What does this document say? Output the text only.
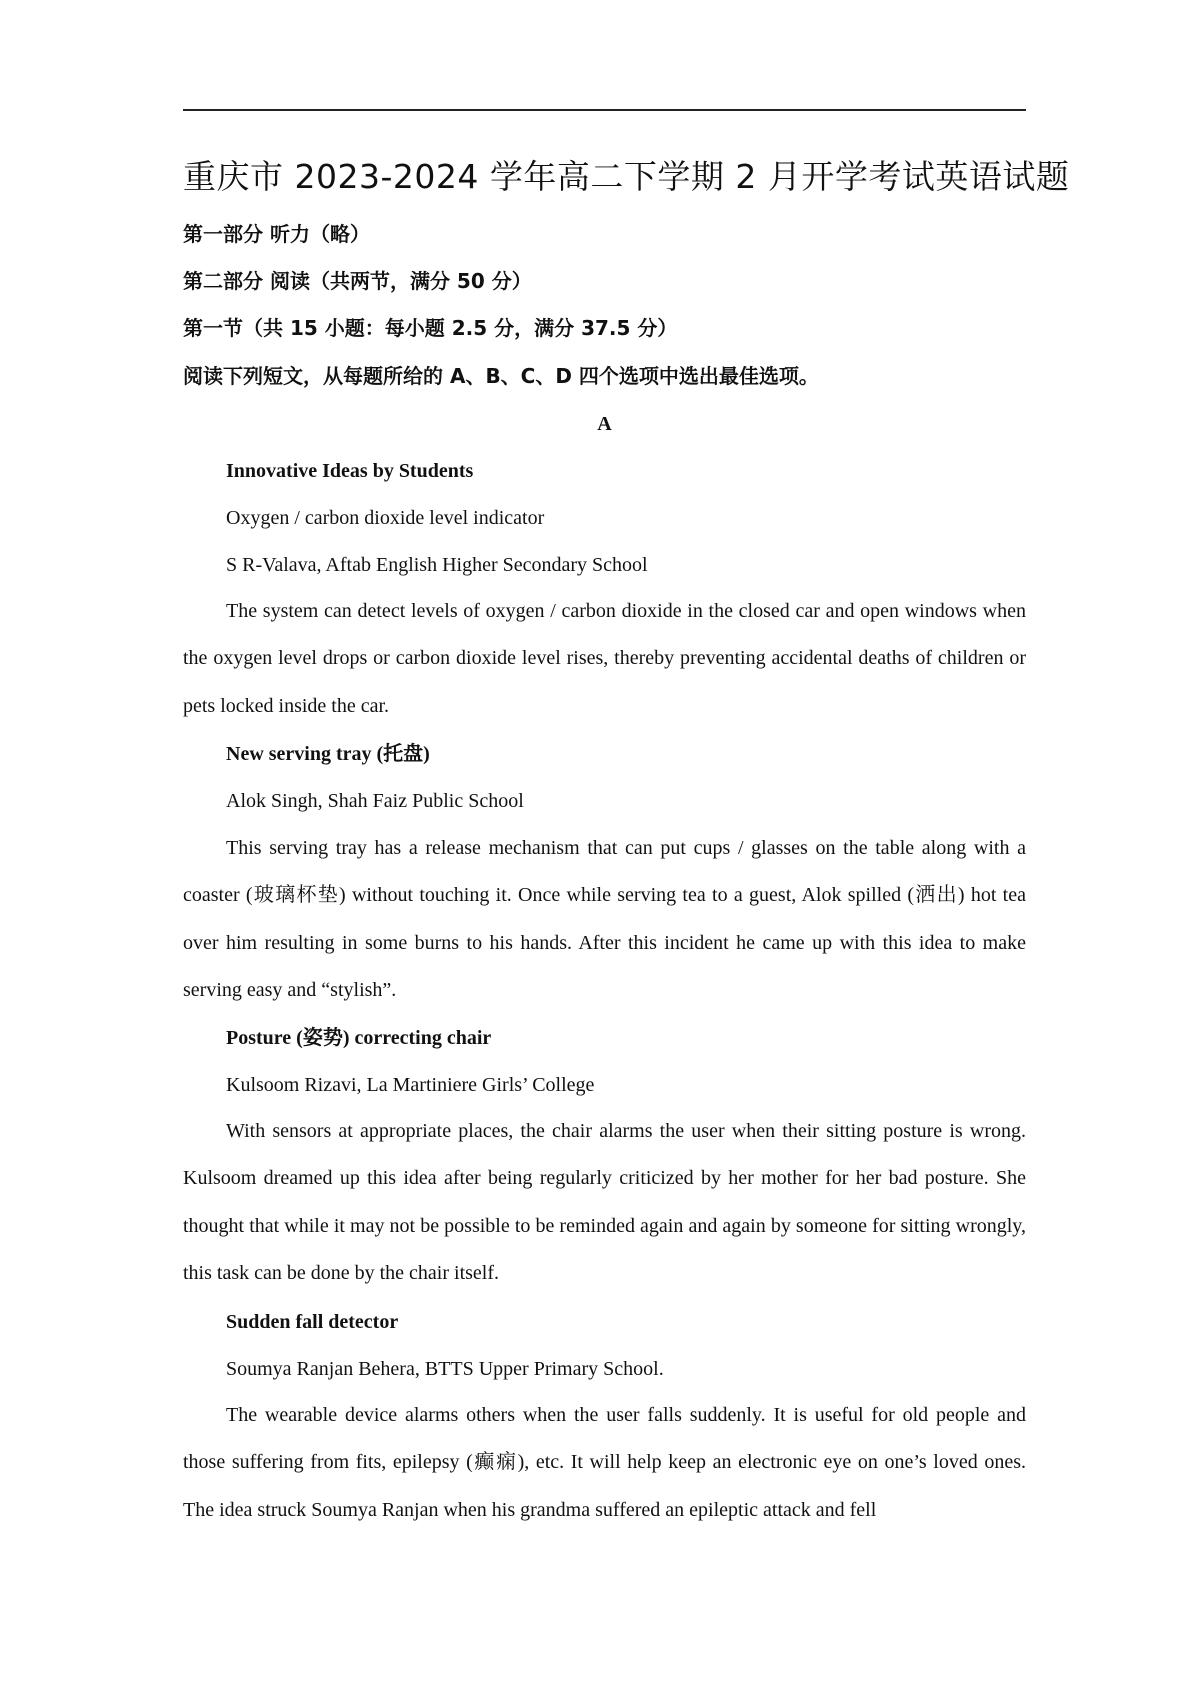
重庆市 2023-2024 学年高二下学期 2 月开学考试英语试题
第一部分 听力（略）
第二部分 阅读（共两节，满分 50 分）
第一节（共 15 小题：每小题 2.5 分，满分 37.5 分）
阅读下列短文，从每题所给的 A、B、C、D 四个选项中选出最佳选项。
A
Innovative Ideas by Students
Oxygen / carbon dioxide level indicator
S R-Valava, Aftab English Higher Secondary School

The system can detect levels of oxygen / carbon dioxide in the closed car and open windows when the oxygen level drops or carbon dioxide level rises, thereby preventing accidental deaths of children or pets locked inside the car.

New serving tray (托盘)
Alok Singh, Shah Faiz Public School

This serving tray has a release mechanism that can put cups / glasses on the table along with a coaster (玻璃杯垫) without touching it. Once while serving tea to a guest, Alok spilled (洒出) hot tea over him resulting in some burns to his hands. After this incident he came up with this idea to make serving easy and “stylish”.

Posture (姿势) correcting chair
Kulsoom Rizavi, La Martiniere Girls’ College

With sensors at appropriate places, the chair alarms the user when their sitting posture is wrong. Kulsoom dreamed up this idea after being regularly criticized by her mother for her bad posture. She thought that while it may not be possible to be reminded again and again by someone for sitting wrongly, this task can be done by the chair itself.

Sudden fall detector
Soumya Ranjan Behera, BTTS Upper Primary School.

The wearable device alarms others when the user falls suddenly. It is useful for old people and those suffering from fits, epilepsy (癫痫), etc. It will help keep an electronic eye on one’s loved ones. The idea struck Soumya Ranjan when his grandma suffered an epileptic attack and fell
